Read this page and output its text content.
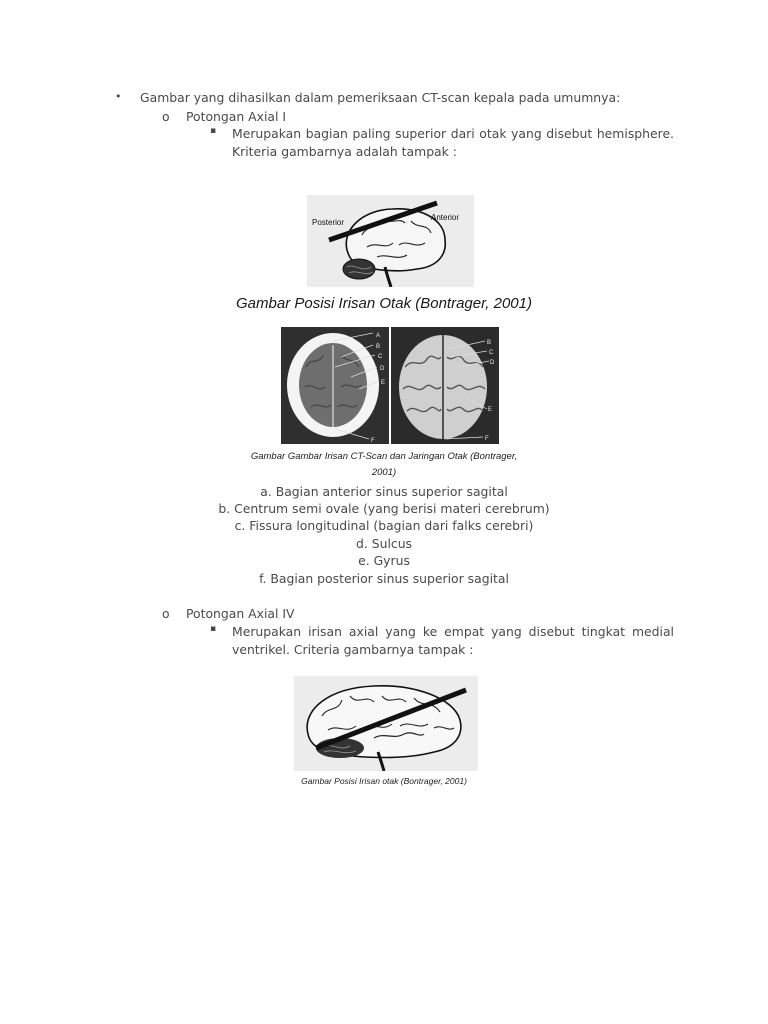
• Gambar yang dihasilkan dalam pemeriksaan CT-scan kepala pada umumnya:
o Potongan Axial I
▪ Merupakan bagian paling superior dari otak yang disebut hemisphere.
Kriteria gambarnya adalah tampak :
Posterior
Anterior
Gambar Posisi Irisan Otak (Bontrager, 2001)
A
B
C
D
E
F
B
C
D
E
F
Gambar Gambar Irisan CT-Scan dan Jaringan Otak (Bontrager,
2001)
a. Bagian anterior sinus superior sagital
b. Centrum semi ovale (yang berisi materi cerebrum)
c. Fissura longitudinal (bagian dari falks cerebri)
d. Sulcus
e. Gyrus
f. Bagian posterior sinus superior sagital
o Potongan Axial IV
▪ Merupakan irisan axial yang ke empat yang disebut tingkat medial
ventrikel. Criteria gambarnya tampak :
Gambar Posisi Irisan otak (Bontrager, 2001)
